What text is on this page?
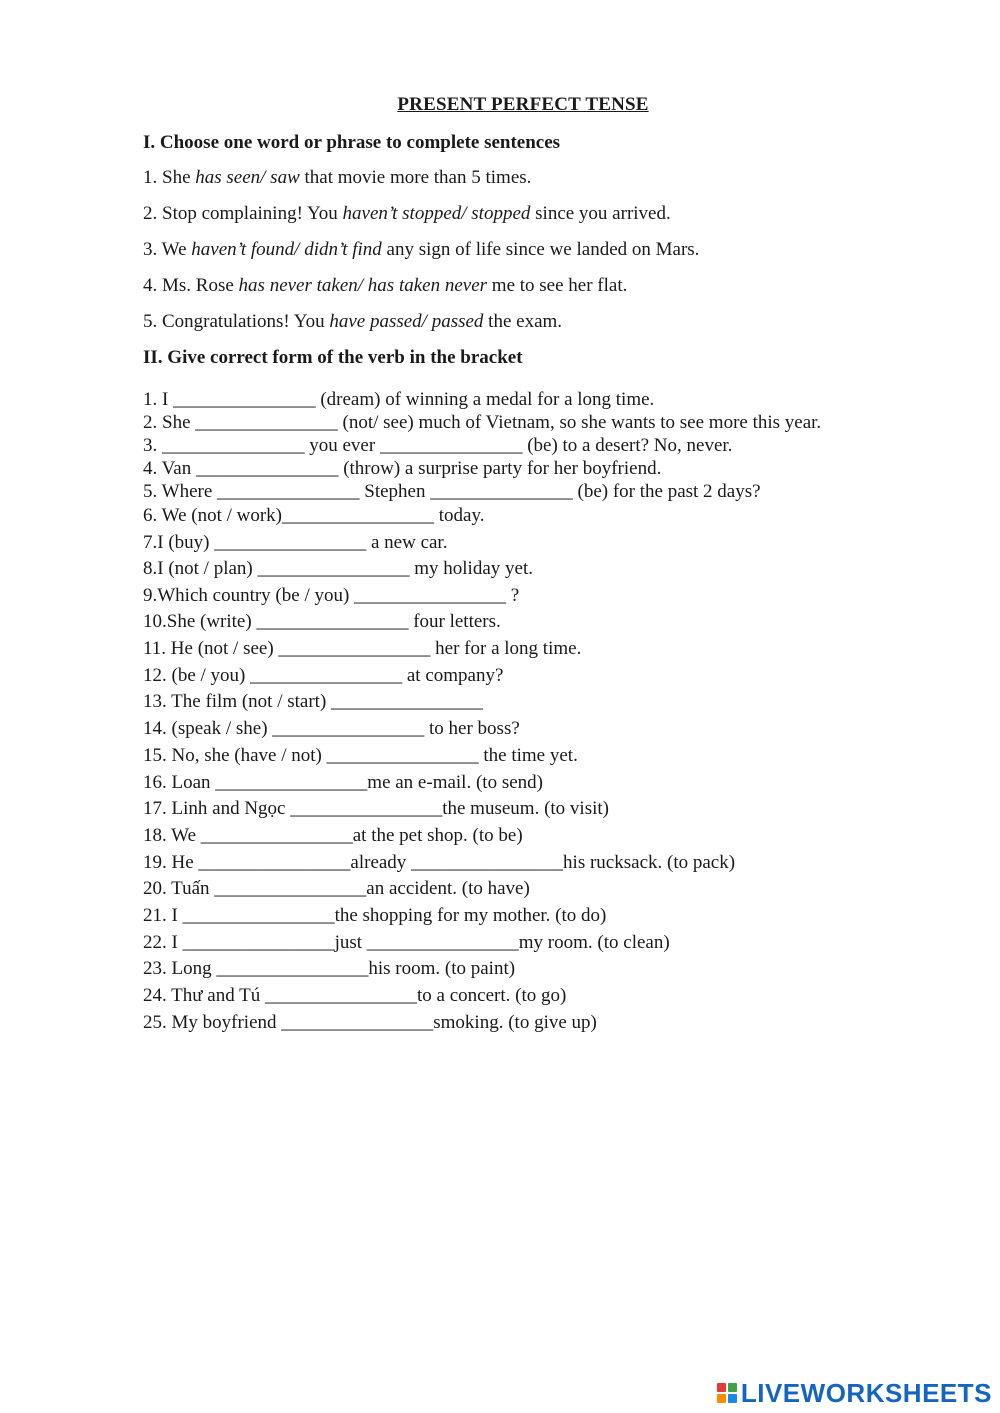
PRESENT PERFECT TENSE
I. Choose one word or phrase to complete sentences
1. She has seen/ saw that movie more than 5 times.
2. Stop complaining! You haven’t stopped/ stopped since you arrived.
3. We haven’t found/ didn’t find any sign of life since we landed on Mars.
4. Ms. Rose has never taken/ has taken never me to see her flat.
5. Congratulations! You have passed/ passed the exam.
II. Give correct form of the verb in the bracket
1. I _______________ (dream) of winning a medal for a long time.
2. She _______________ (not/ see) much of Vietnam, so she wants to see more this year.
3. _______________ you ever _______________ (be) to a desert? No, never.
4. Van _______________ (throw) a surprise party for her boyfriend.
5. Where _______________ Stephen _______________ (be) for the past 2 days?
6. We (not / work)________________ today.
7.I (buy) ________________ a new car.
8.I (not / plan) ________________ my holiday yet.
9.Which country (be / you) ________________ ?
10.She (write) ________________ four letters.
11. He (not / see) ________________ her for a long time.
12. (be / you) ________________ at company?
13. The film (not / start) ________________
14. (speak / she) ________________ to her boss?
15. No, she (have / not) ________________ the time yet.
16. Loan ________________me an e-mail. (to send)
17. Linh and Ngọc ________________the museum. (to visit)
18. We ________________at the pet shop. (to be)
19. He ________________already ________________his rucksack. (to pack)
20. Tuấn ________________an accident. (to have)
21. I ________________the shopping for my mother. (to do)
22. I ________________just ________________my room. (to clean)
23. Long ________________his room. (to paint)
24. Thư and Tú ________________to a concert. (to go)
25. My boyfriend ________________smoking. (to give up)
LIVEWORKSHEETS
